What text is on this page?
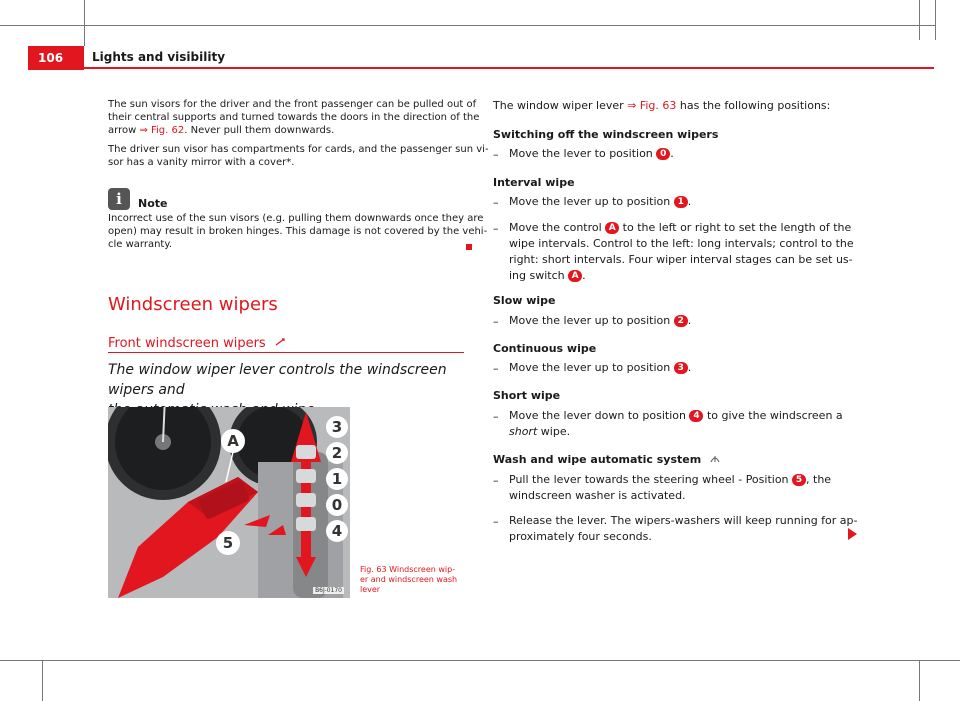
106	Lights and visibility
The sun visors for the driver and the front passenger can be pulled out of
their central supports and turned towards the doors in the direction of the
arrow ⇒ Fig. 62. Never pull them downwards.
The driver sun visor has compartments for cards, and the passenger sun vi-
sor has a vanity mirror with a cover*.
i	Note
Incorrect use of the sun visors (e.g. pulling them downwards once they are
open) may result in broken hinges. This damage is not covered by the vehi-
cle warranty.
Windscreen wipers
Front windscreen wipers
The window wiper lever controls the windscreen wipers and
3
2
1
0
4
A
5
B6J-0170
Fig. 63 Windscreen wip-
er and windscreen wash
lever
The window wiper lever ⇒ Fig. 63 has the following positions:
Switching off the windscreen wipers
– Move the lever to position 0 .
Interval wipe
– Move the lever up to position 1 .
– Move the control A to the left or right to set the length of the
wipe intervals. Control to the left: long intervals; control to the
right: short intervals. Four wiper interval stages can be set us-
ing switch A .
Slow wipe
– Move the lever up to position 2 .
Continuous wipe
– Move the lever up to position 3 .
Short wipe
– Move the lever down to position 4 to give the windscreen a
short wipe.
Wash and wipe automatic system
– Pull the lever towards the steering wheel - Position 5 , the
windscreen washer is activated.
– Release the lever. The wipers-washers will keep running for ap-
proximately four seconds.
